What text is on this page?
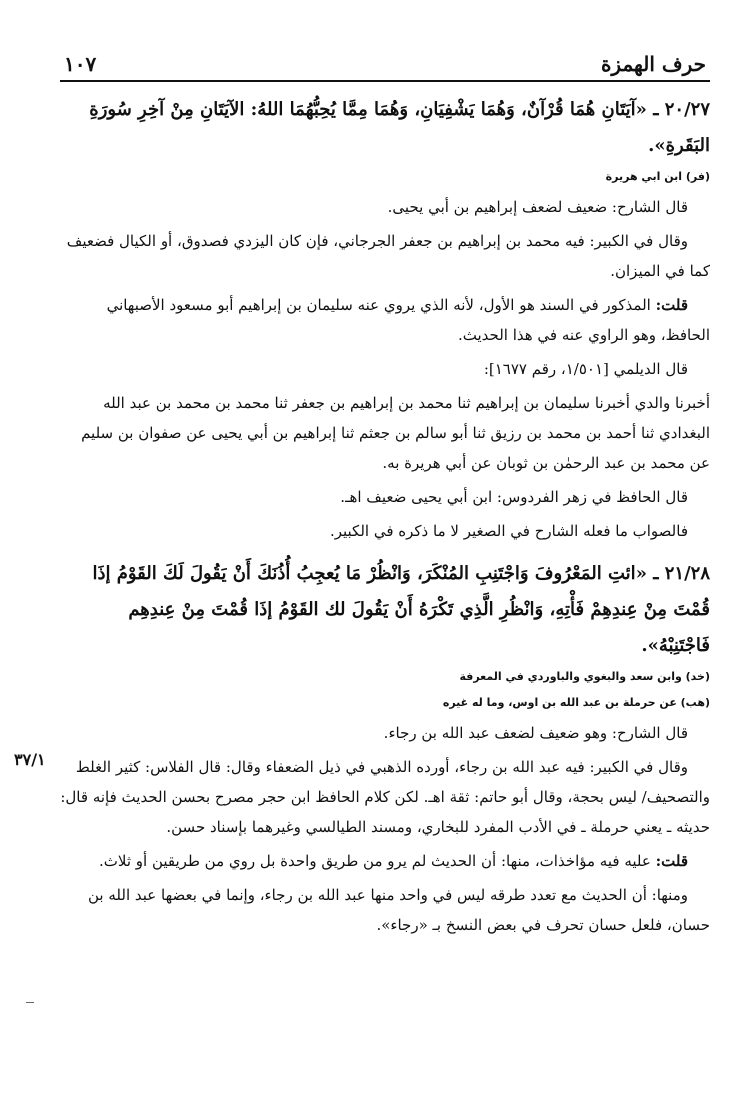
٣٧/١
حرف الهمزة
١٠٧
٢٠/٢٧ ـ «آيَتَانِ هُمَا قُرْآنٌ، وَهُمَا يَشْفِيَانِ، وَهُمَا مِمَّا يُحِبُّهُمَا اللهُ: الآيَتَانِ مِنْ آخِرِ سُورَةِ البَقَرةِ».
(فر) ابن ابي هريرة
قال الشارح: ضعيف لضعف إبراهيم بن أبي يحيى.
وقال في الكبير: فيه محمد بن إبراهيم بن جعفر الجرجاني، فإن كان اليزدي فصدوق، أو الكيال فضعيف كما في الميزان.
قلت: المذكور في السند هو الأول، لأنه الذي يروي عنه سليمان بن إبراهيم أبو مسعود الأصبهاني الحافظ، وهو الراوي عنه في هذا الحديث.
قال الديلمي [١/٥٠١، رقم ١٦٧٧]:
أخبرنا والدي أخبرنا سليمان بن إبراهيم ثنا محمد بن إبراهيم بن جعفر ثنا محمد بن محمد بن عبد الله البغدادي ثنا أحمد بن محمد بن رزيق ثنا أبو سالم بن جعثم ثنا إبراهيم بن أبي يحيى عن صفوان بن سليم عن محمد بن عبد الرحمٰن بن ثوبان عن أبي هريرة به.
قال الحافظ في زهر الفردوس: ابن أبي يحيى ضعيف اهـ.
فالصواب ما فعله الشارح في الصغير لا ما ذكره في الكبير.
٢١/٢٨ ـ «ائتِ المَعْرُوفَ وَاجْتَنِبِ المُنْكَرَ، وَانْظُرْ مَا يُعجِبُ أُذُنَكَ أَنْ يَقُولَ لَكَ القَوْمُ إذَا قُمْتَ مِنْ عِندِهِمْ فَأْتِهِ، وَانْظُرِ الَّذِي تَكْرَهُ أَنْ يَقُولَ لك القَوْمُ إذَا قُمْتَ مِنْ عِندِهِم فَاجْتَنِبْهُ».
(خد) وابن سعد والبغوي والباوردي في المعرفة
(هب) عن حرملة بن عبد الله بن اوس، وما له غيره
قال الشارح: وهو ضعيف لضعف عبد الله بن رجاء.
وقال في الكبير: فيه عبد الله بن رجاء، أورده الذهبي في ذيل الضعفاء وقال: قال الفلاس: كثير الغلط والتصحيف/ ليس بحجة، وقال أبو حاتم: ثقة اهـ. لكن كلام الحافظ ابن حجر مصرح بحسن الحديث فإنه قال: حديثه ـ يعني حرملة ـ في الأدب المفرد للبخاري، ومسند الطيالسي وغيرهما بإسناد حسن.
قلت: عليه فيه مؤاخذات، منها: أن الحديث لم يرو من طريق واحدة بل روي من طريقين أو ثلاث.
ومنها: أن الحديث مع تعدد طرقه ليس في واحد منها عبد الله بن رجاء، وإنما في بعضها عبد الله بن حسان، فلعل حسان تحرف في بعض النسخ بـ «رجاء».
